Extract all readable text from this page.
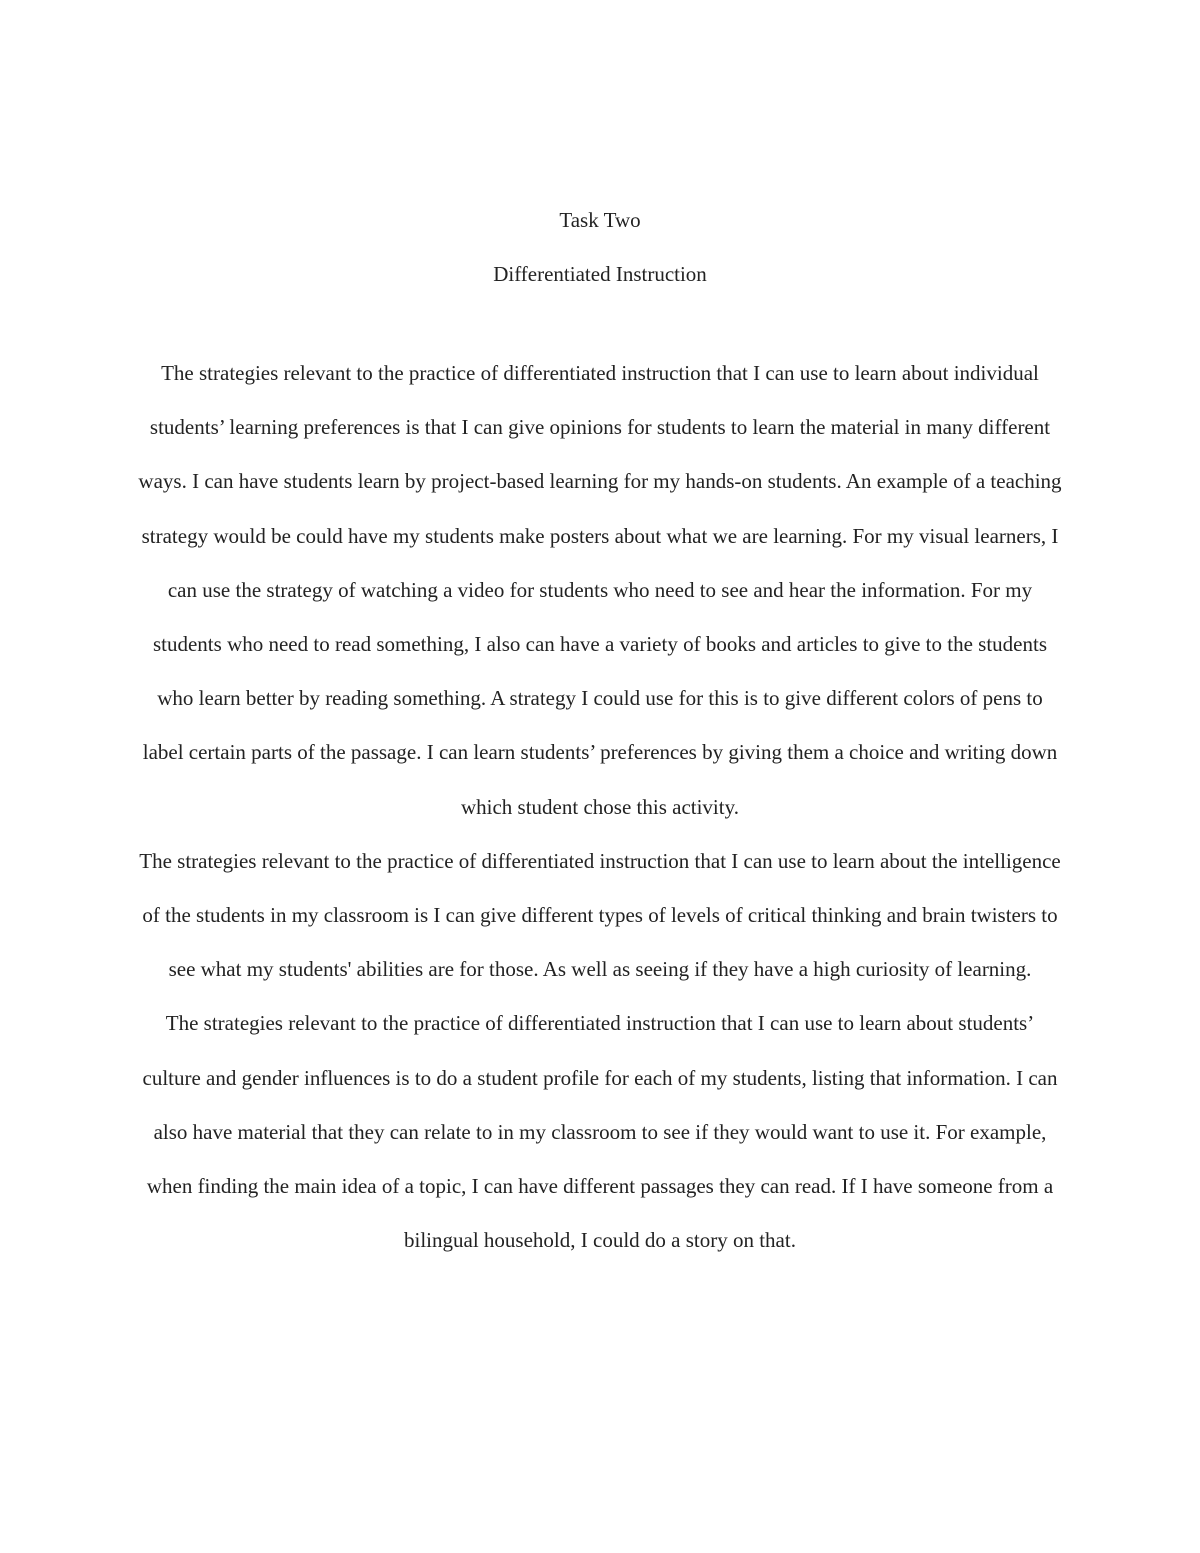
Task Two
Differentiated Instruction

The strategies relevant to the practice of differentiated instruction that I can use to learn about individual students’ learning preferences is that I can give opinions for students to learn the material in many different ways. I can have students learn by project-based learning for my hands-on students. An example of a teaching strategy would be could have my students make posters about what we are learning. For my visual learners, I can use the strategy of watching a video for students who need to see and hear the information. For my students who need to read something, I also can have a variety of books and articles to give to the students who learn better by reading something. A strategy I could use for this is to give different colors of pens to label certain parts of the passage. I can learn students’ preferences by giving them a choice and writing down which student chose this activity.

The strategies relevant to the practice of differentiated instruction that I can use to learn about the intelligence of the students in my classroom is I can give different types of levels of critical thinking and brain twisters to see what my students' abilities are for those. As well as seeing if they have a high curiosity of learning.

The strategies relevant to the practice of differentiated instruction that I can use to learn about students’ culture and gender influences is to do a student profile for each of my students, listing that information. I can also have material that they can relate to in my classroom to see if they would want to use it. For example, when finding the main idea of a topic, I can have different passages they can read. If I have someone from a bilingual household, I could do a story on that.
